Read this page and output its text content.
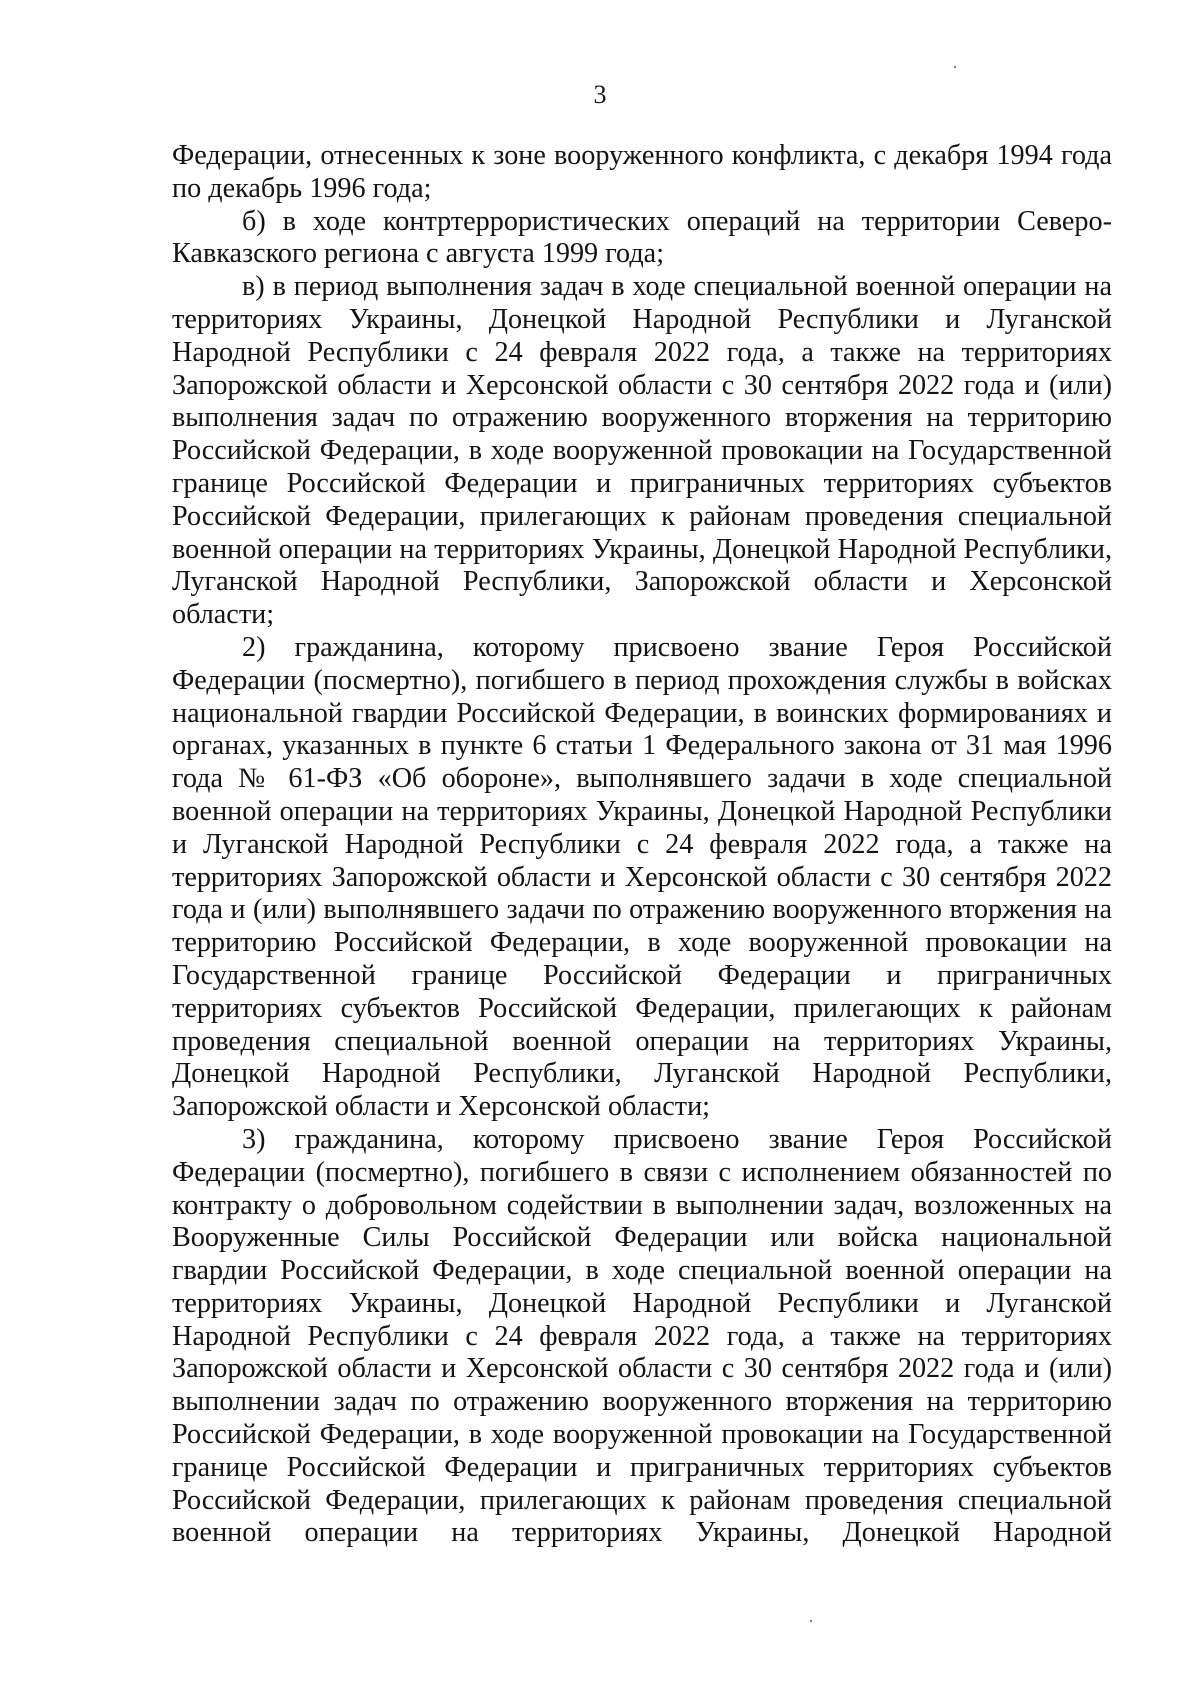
3

Федерации, отнесенных к зоне вооруженного конфликта, с декабря 1994 года по декабрь 1996 года;

б) в ходе контртеррористических операций на территории Северо-Кавказского региона с августа 1999 года;

в) в период выполнения задач в ходе специальной военной операции на территориях Украины, Донецкой Народной Республики и Луганской Народной Республики с 24 февраля 2022 года, а также на территориях Запорожской области и Херсонской области с 30 сентября 2022 года и (или) выполнения задач по отражению вооруженного вторжения на территорию Российской Федерации, в ходе вооруженной провокации на Государственной границе Российской Федерации и приграничных территориях субъектов Российской Федерации, прилегающих к районам проведения специальной военной операции на территориях Украины, Донецкой Народной Республики, Луганской Народной Республики, Запорожской области и Херсонской области;

2) гражданина, которому присвоено звание Героя Российской Федерации (посмертно), погибшего в период прохождения службы в войсках национальной гвардии Российской Федерации, в воинских формированиях и органах, указанных в пункте 6 статьи 1 Федерального закона от 31 мая 1996 года № 61-ФЗ «Об обороне», выполнявшего задачи в ходе специальной военной операции на территориях Украины, Донецкой Народной Республики и Луганской Народной Республики с 24 февраля 2022 года, а также на территориях Запорожской области и Херсонской области с 30 сентября 2022 года и (или) выполнявшего задачи по отражению вооруженного вторжения на территорию Российской Федерации, в ходе вооруженной провокации на Государственной границе Российской Федерации и приграничных территориях субъектов Российской Федерации, прилегающих к районам проведения специальной военной операции на территориях Украины, Донецкой Народной Республики, Луганской Народной Республики, Запорожской области и Херсонской области;

3) гражданина, которому присвоено звание Героя Российской Федерации (посмертно), погибшего в связи с исполнением обязанностей по контракту о добровольном содействии в выполнении задач, возложенных на Вооруженные Силы Российской Федерации или войска национальной гвардии Российской Федерации, в ходе специальной военной операции на территориях Украины, Донецкой Народной Республики и Луганской Народной Республики с 24 февраля 2022 года, а также на территориях Запорожской области и Херсонской области с 30 сентября 2022 года и (или) выполнении задач по отражению вооруженного вторжения на территорию Российской Федерации, в ходе вооруженной провокации на Государственной границе Российской Федерации и приграничных территориях субъектов Российской Федерации, прилегающих к районам проведения специальной военной операции на территориях Украины, Донецкой Народной
